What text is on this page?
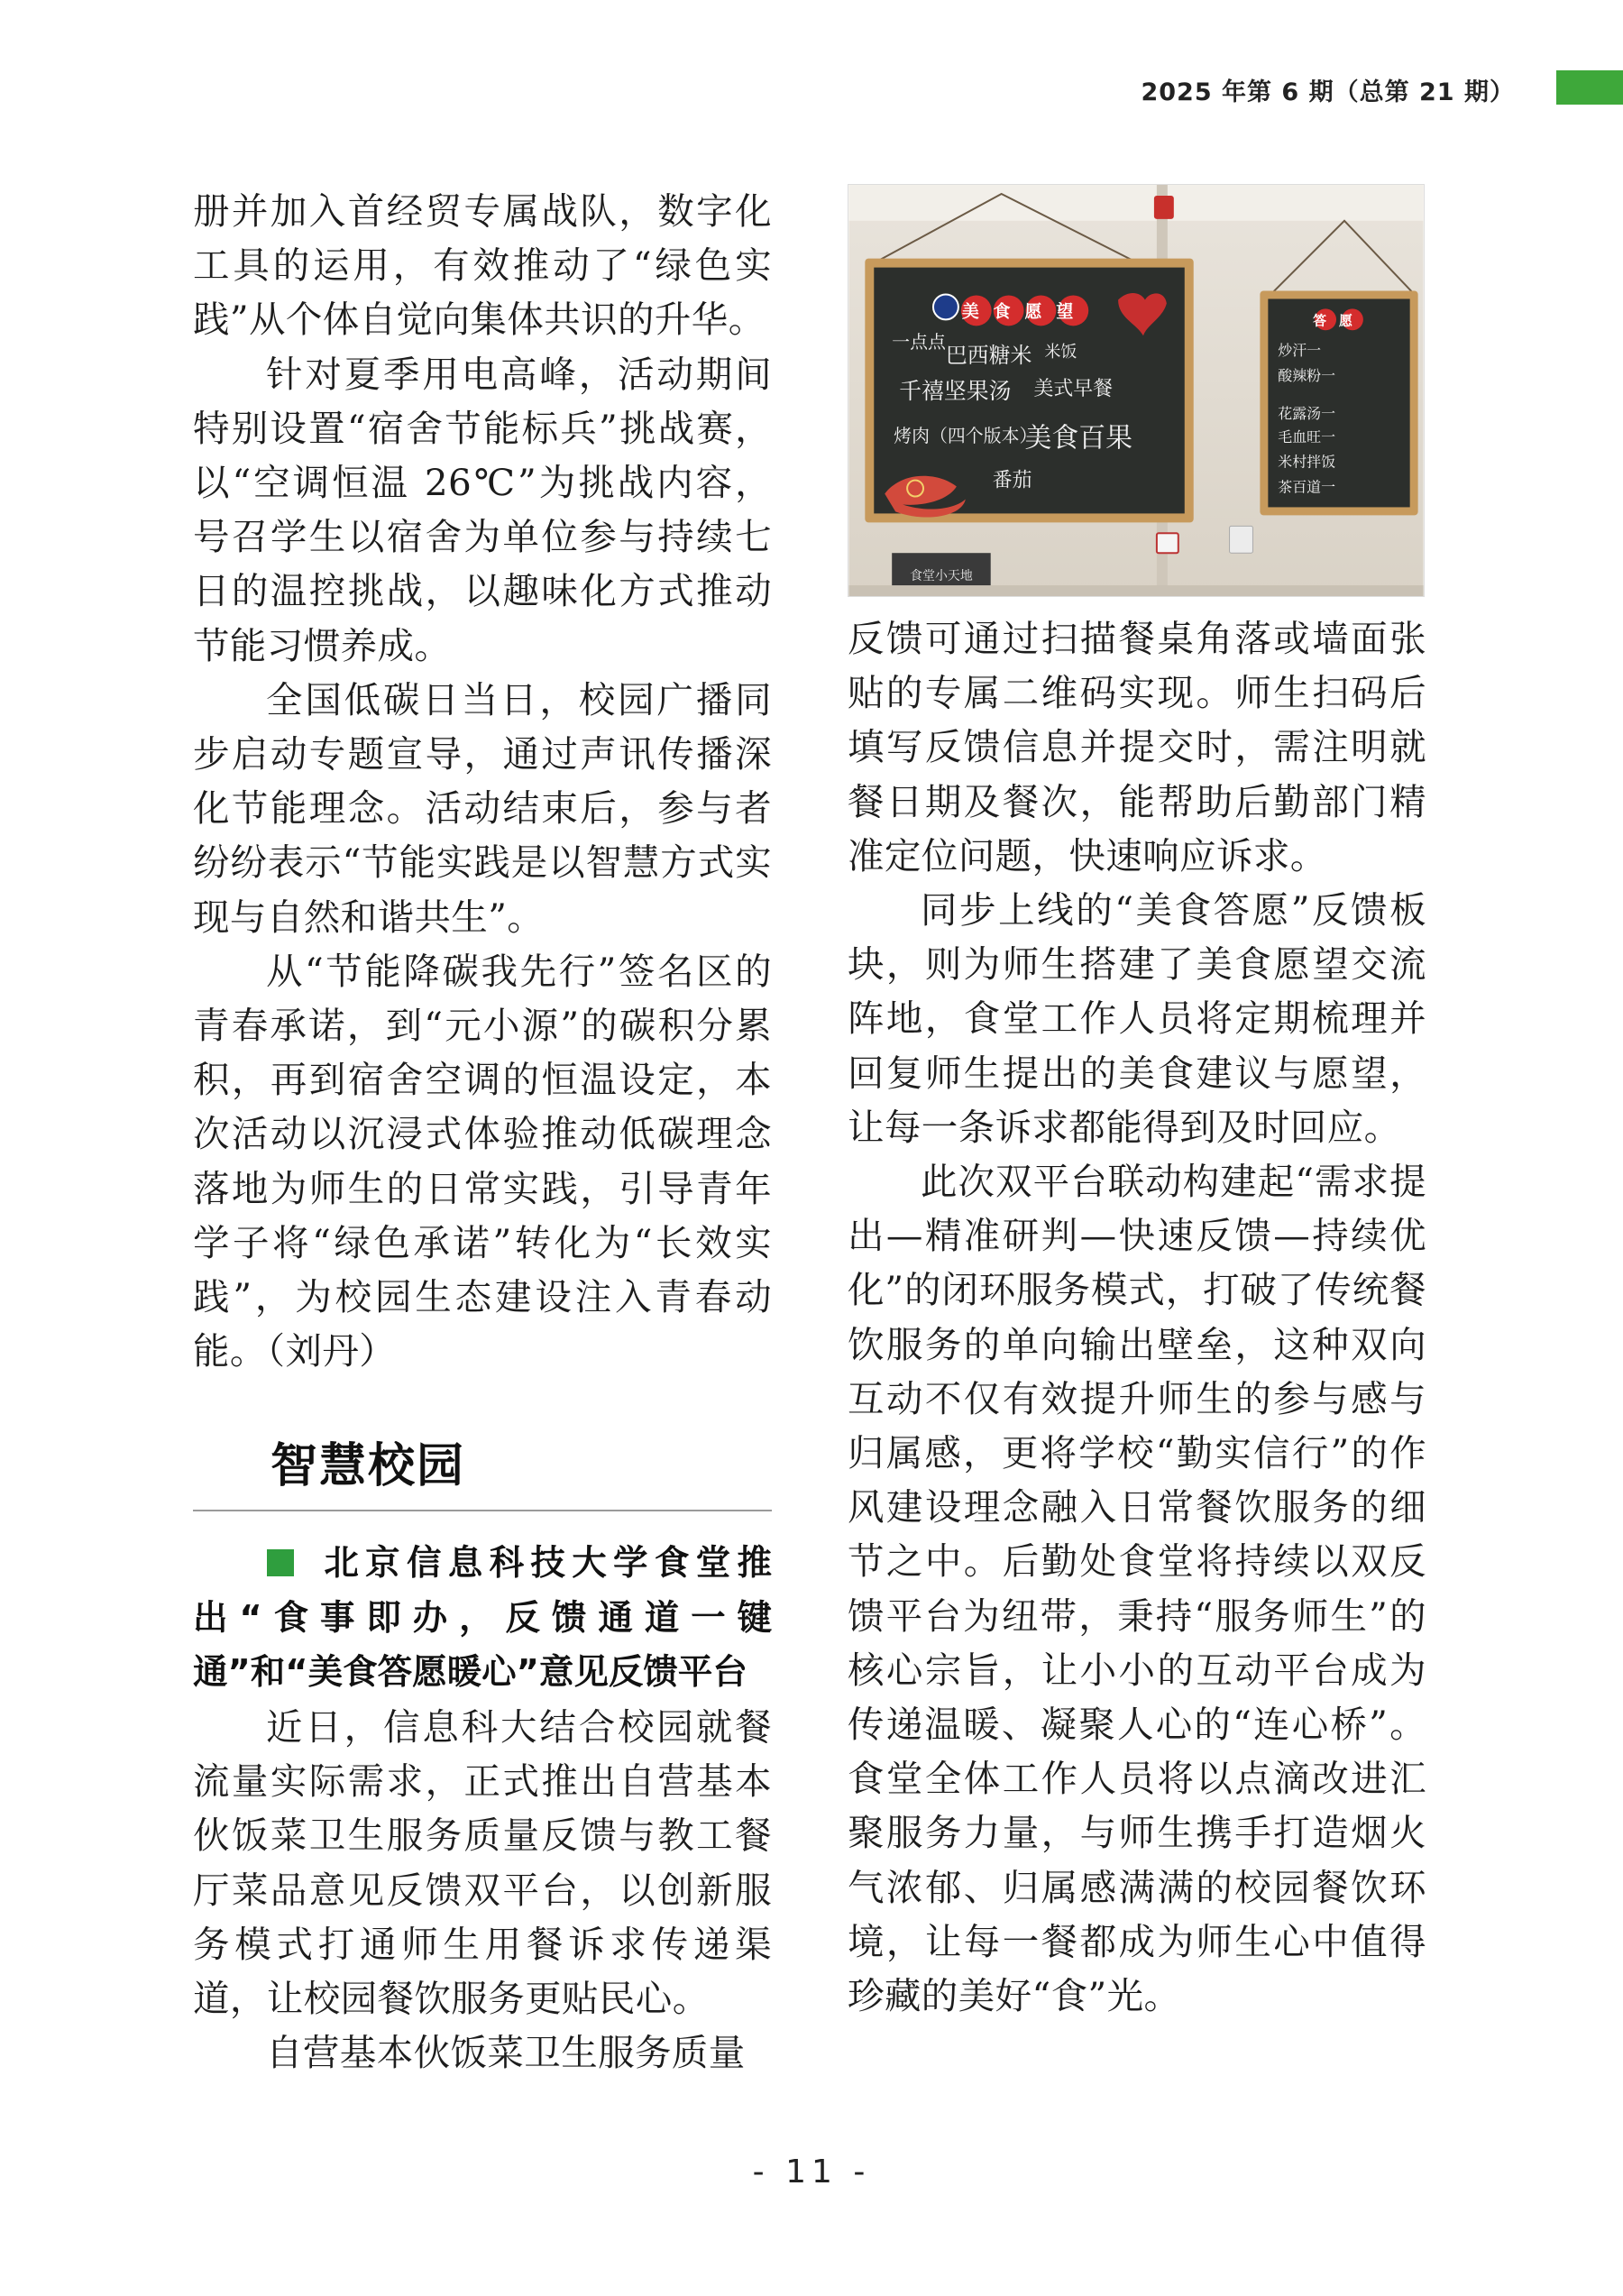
2025 年第 6 期（总第 21 期）

册并加入首经贸专属战队，数字化工具的运用，有效推动了“绿色实践”从个体自觉向集体共识的升华。

针对夏季用电高峰，活动期间特别设置“宿舍节能标兵”挑战赛，以“空调恒温 26℃”为挑战内容，号召学生以宿舍为单位参与持续七日的温控挑战，以趣味化方式推动节能习惯养成。

全国低碳日当日，校园广播同步启动专题宣导，通过声讯传播深化节能理念。活动结束后，参与者纷纷表示“节能实践是以智慧方式实现与自然和谐共生”。

从“节能降碳我先行”签名区的青春承诺，到“元小源”的碳积分累积，再到宿舍空调的恒温设定，本次活动以沉浸式体验推动低碳理念落地为师生的日常实践，引导青年学子将“绿色承诺”转化为“长效实践”，为校园生态建设注入青春动能。（刘丹）

智慧校园
北京信息科技大学食堂推出“食事即办，反馈通道一键通”和“美食答愿暖心”意见反馈平台

近日，信息科大结合校园就餐流量实际需求，正式推出自营基本伙饭菜卫生服务质量反馈与教工餐厅菜品意见反馈双平台，以创新服务模式打通师生用餐诉求传递渠道，让校园餐饮服务更贴民心。

自营基本伙饭菜卫生服务质量

美食愿望
一点点
巴西糖米 米饭
千禧坚果汤 美式早餐
烤肉（四个版本）
美食百果
番茄
答愿
炒汗一
酸辣粉一
花露汤一
毛血旺一
米村拌饭
茶百道一
食堂小天地

反馈可通过扫描餐桌角落或墙面张贴的专属二维码实现。师生扫码后填写反馈信息并提交时，需注明就餐日期及餐次，能帮助后勤部门精准定位问题，快速响应诉求。

同步上线的“美食答愿”反馈板块，则为师生搭建了美食愿望交流阵地，食堂工作人员将定期梳理并回复师生提出的美食建议与愿望，让每一条诉求都能得到及时回应。

此次双平台联动构建起“需求提出—精准研判—快速反馈—持续优化”的闭环服务模式，打破了传统餐饮服务的单向输出壁垒，这种双向互动不仅有效提升师生的参与感与归属感，更将学校“勤实信行”的作风建设理念融入日常餐饮服务的细节之中。后勤处食堂将持续以双反馈平台为纽带，秉持“服务师生”的核心宗旨，让小小的互动平台成为传递温暖、凝聚人心的“连心桥”。食堂全体工作人员将以点滴改进汇聚服务力量，与师生携手打造烟火气浓郁、归属感满满的校园餐饮环境，让每一餐都成为师生心中值得珍藏的美好“食”光。

- 11 -
